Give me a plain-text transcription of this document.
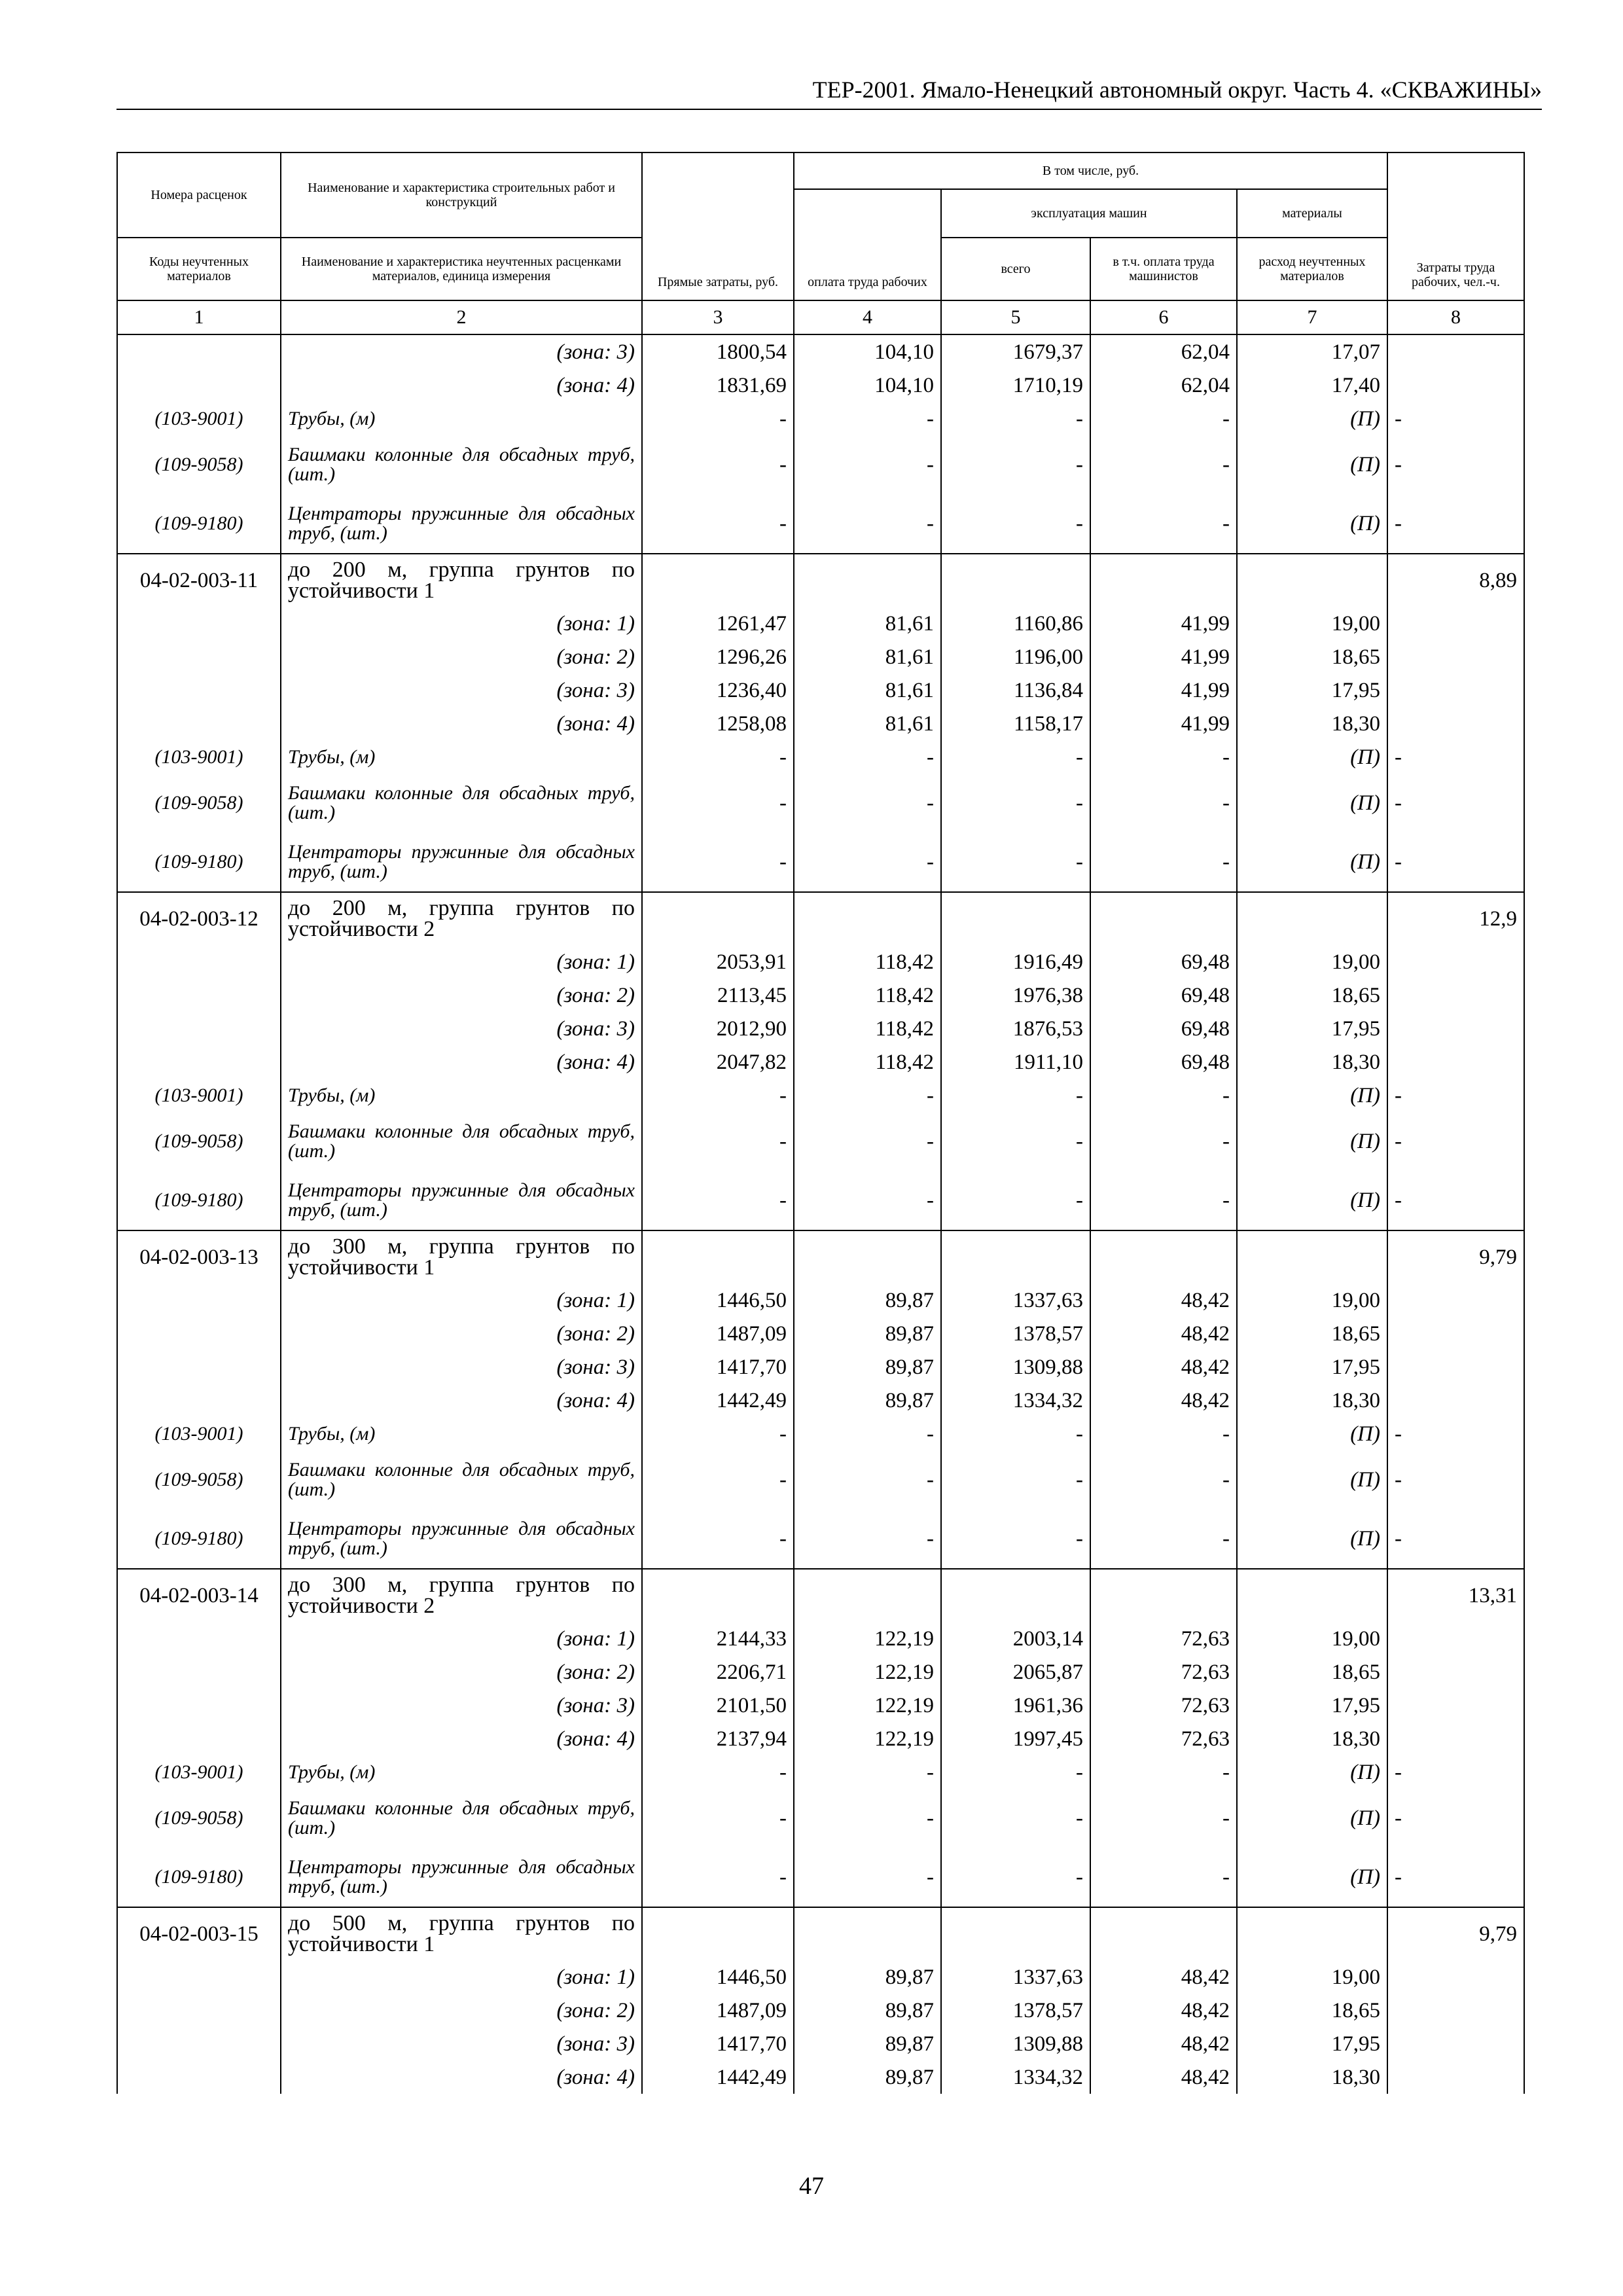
ТЕР-2001. Ямало-Ненецкий автономный округ. Часть 4. «СКВАЖИНЫ»
Номера расценок	Наименование и характеристика строительных работ и конструкций	Прямые затраты, руб.	В том числе, руб.				Затраты труда рабочих, чел.-ч.
			оплата труда рабочих	эксплуатация машин		материалы	
Коды неучтенных материалов	Наименование и характеристика неучтенных расценками материалов, единица измерения			всего	в т.ч. оплата труда машинистов	расход неучтенных материалов	
1	2	3	4	5	6	7	8
	(зона: 3)	1800,54	104,10	1679,37	62,04	17,07	
	(зона: 4)	1831,69	104,10	1710,19	62,04	17,40	
(103-9001)	Трубы, (м)	-	-	-	-	(П)	-
(109-9058)	Башмаки колонные для обсадных труб, (шт.)	-	-	-	-	(П)	-
(109-9180)	Центраторы пружинные для обсадных труб, (шт.)	-	-	-	-	(П)	-
04-02-003-11	до 200 м, группа грунтов по устойчивости 1						8,89
	(зона: 1)	1261,47	81,61	1160,86	41,99	19,00	
	(зона: 2)	1296,26	81,61	1196,00	41,99	18,65	
	(зона: 3)	1236,40	81,61	1136,84	41,99	17,95	
	(зона: 4)	1258,08	81,61	1158,17	41,99	18,30	
(103-9001)	Трубы, (м)	-	-	-	-	(П)	-
(109-9058)	Башмаки колонные для обсадных труб, (шт.)	-	-	-	-	(П)	-
(109-9180)	Центраторы пружинные для обсадных труб, (шт.)	-	-	-	-	(П)	-
04-02-003-12	до 200 м, группа грунтов по устойчивости 2						12,9
	(зона: 1)	2053,91	118,42	1916,49	69,48	19,00	
	(зона: 2)	2113,45	118,42	1976,38	69,48	18,65	
	(зона: 3)	2012,90	118,42	1876,53	69,48	17,95	
	(зона: 4)	2047,82	118,42	1911,10	69,48	18,30	
(103-9001)	Трубы, (м)	-	-	-	-	(П)	-
(109-9058)	Башмаки колонные для обсадных труб, (шт.)	-	-	-	-	(П)	-
(109-9180)	Центраторы пружинные для обсадных труб, (шт.)	-	-	-	-	(П)	-
04-02-003-13	до 300 м, группа грунтов по устойчивости 1						9,79
	(зона: 1)	1446,50	89,87	1337,63	48,42	19,00	
	(зона: 2)	1487,09	89,87	1378,57	48,42	18,65	
	(зона: 3)	1417,70	89,87	1309,88	48,42	17,95	
	(зона: 4)	1442,49	89,87	1334,32	48,42	18,30	
(103-9001)	Трубы, (м)	-	-	-	-	(П)	-
(109-9058)	Башмаки колонные для обсадных труб, (шт.)	-	-	-	-	(П)	-
(109-9180)	Центраторы пружинные для обсадных труб, (шт.)	-	-	-	-	(П)	-
04-02-003-14	до 300 м, группа грунтов по устойчивости 2						13,31
	(зона: 1)	2144,33	122,19	2003,14	72,63	19,00	
	(зона: 2)	2206,71	122,19	2065,87	72,63	18,65	
	(зона: 3)	2101,50	122,19	1961,36	72,63	17,95	
	(зона: 4)	2137,94	122,19	1997,45	72,63	18,30	
(103-9001)	Трубы, (м)	-	-	-	-	(П)	-
(109-9058)	Башмаки колонные для обсадных труб, (шт.)	-	-	-	-	(П)	-
(109-9180)	Центраторы пружинные для обсадных труб, (шт.)	-	-	-	-	(П)	-
04-02-003-15	до 500 м, группа грунтов по устойчивости 1						9,79
	(зона: 1)	1446,50	89,87	1337,63	48,42	19,00	
	(зона: 2)	1487,09	89,87	1378,57	48,42	18,65	
	(зона: 3)	1417,70	89,87	1309,88	48,42	17,95	
	(зона: 4)	1442,49	89,87	1334,32	48,42	18,30	
47
